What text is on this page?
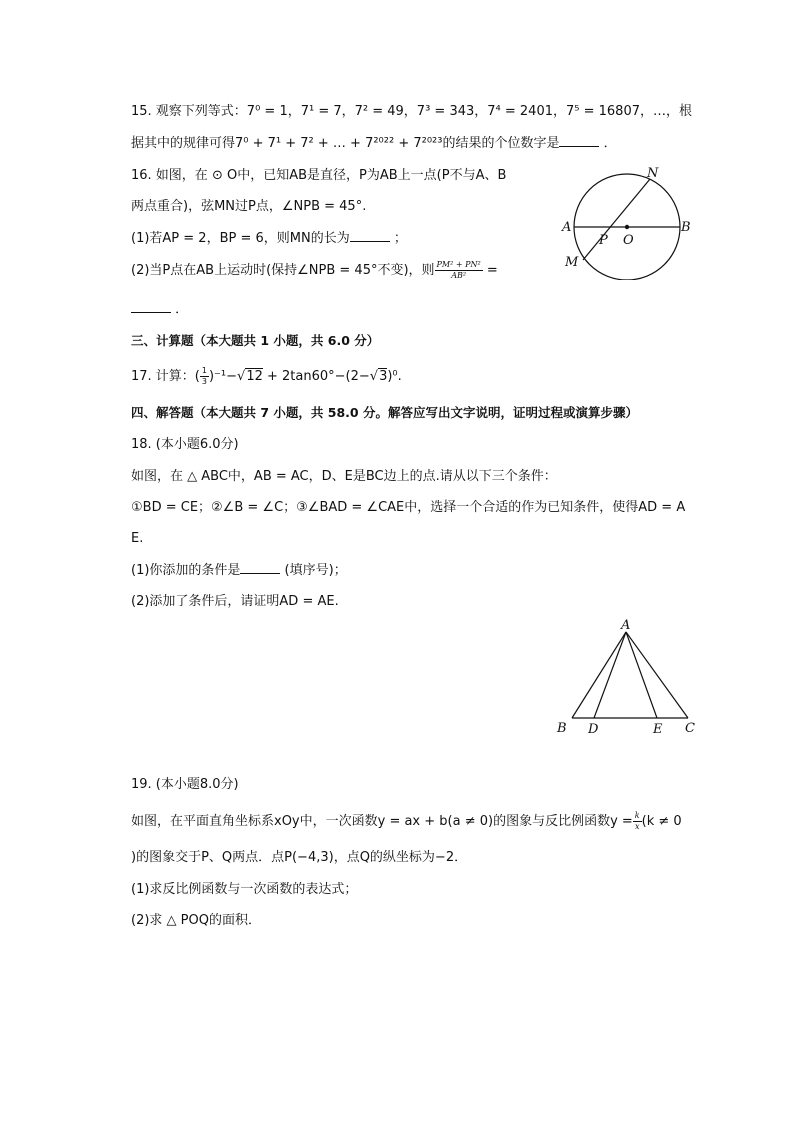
15. 观察下列等式：7⁰ = 1，7¹ = 7，7² = 49，7³ = 343，7⁴ = 2401，7⁵ = 16807，…，根
据其中的规律可得7⁰ + 7¹ + 7² + … + 7²⁰²² + 7²⁰²³的结果的个位数字是	．
16. 如图，在 ⊙ O中，已知AB是直径，P为AB上一点(P不与A、B
两点重合)，弦MN过P点，∠NPB = 45°.
(1)若AP = 2，BP = 6，则MN的长为	；
(2)当P点在AB上运动时(保持∠NPB = 45°不变)，则 $\frac{\text{PM² + PN²}}{\text{AB²}}$ =
．
N
A	B
P O
M
三、计算题（本大题共 1 小题，共 6.0 分）
17. 计算：( $\frac{1}{3} )^{-1}-√12 + 2\tan 60^\circ-(2-√3)^0$.
四、解答题（本大题共 7 小题，共 58.0 分。解答应写出文字说明，证明过程或演算步骤）
18. (本小题6.0分)
如图，在 △ ABC中，AB = AC，D、E是BC边上的点.请从以下三个条件：
①BD = CE；②∠B = ∠C；③∠BAD = ∠CAE中，选择一个合适的作为已知条件，使得AD = A
E.
(1)你添加的条件是	(填序号)；
(2)添加了条件后，请证明AD = AE.
A
B D	E C
19. (本小题8.0分)
如图，在平面直角坐标系xOy中，一次函数y = ax + b(a ≠ 0)的图象与反比例函数$y = \frac{k}{x} (k \ne 0$
)的图象交于P、Q两点．点P(−4,3)，点Q的纵坐标为−2．
(1)求反比例函数与一次函数的表达式；
(2)求 △ POQ的面积．
